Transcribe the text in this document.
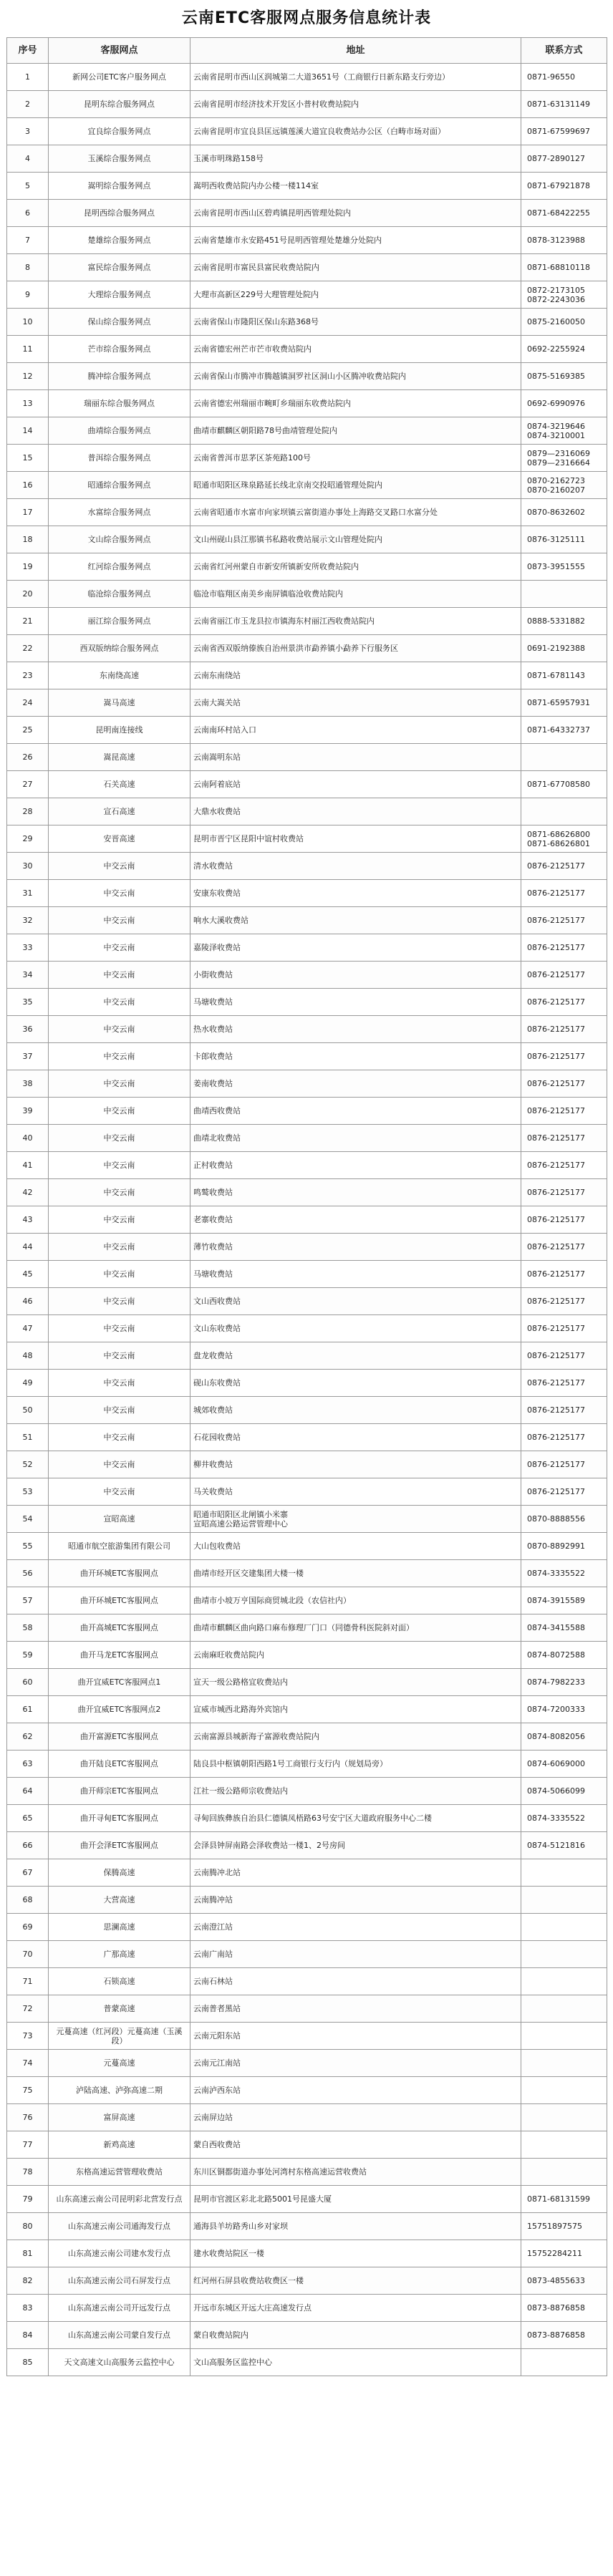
云南ETC客服网点服务信息统计表
序号	客服网点	地址	联系方式
1	新网公司ETC客户服务网点	云南省昆明市西山区润城第二大道3651号（工商银行日新东路支行旁边）	0871-96550
2	昆明东综合服务网点	云南省昆明市经济技术开发区小普村收费站院内	0871-63131149
3	宜良综合服务网点	云南省昆明市宜良县匡远镇莲溪大道宜良收费站办公区（白畴市场对面）	0871-67599697
4	玉溪综合服务网点	玉溪市明珠路158号	0877-2890127
5	嵩明综合服务网点	嵩明西收费站院内办公楼一楼114室	0871-67921878
6	昆明西综合服务网点	云南省昆明市西山区碧鸡镇昆明西管理处院内	0871-68422255
7	楚雄综合服务网点	云南省楚雄市永安路451号昆明西管理处楚雄分处院内	0878-3123988
8	富民综合服务网点	云南省昆明市富民县富民收费站院内	0871-68810118
9	大理综合服务网点	大理市高新区229号大理管理处院内	0872-2173105
0872-2243036
10	保山综合服务网点	云南省保山市隆阳区保山东路368号	0875-2160050
11	芒市综合服务网点	云南省德宏州芒市芒市收费站院内	0692-2255924
12	腾冲综合服务网点	云南省保山市腾冲市腾越镇洞罗社区洞山小区腾冲收费站院内	0875-5169385
13	瑞丽东综合服务网点	云南省德宏州瑞丽市畹町乡瑞丽东收费站院内	0692-6990976
14	曲靖综合服务网点	曲靖市麒麟区朝阳路78号曲靖管理处院内	0874-3219646
0874-3210001
15	普洱综合服务网点	云南省普洱市思茅区茶苑路100号	0879—2316069
0879—2316664
16	昭通综合服务网点	昭通市昭阳区珠泉路延长线北京南交投昭通管理处院内	0870-2162723
0870-2160207
17	水富综合服务网点	云南省昭通市水富市向家坝镇云富街道办事处上海路交叉路口水富分处	0870-8632602
18	文山综合服务网点	文山州砚山县江那镇书私路收费站展示文山管理处院内	0876-3125111
19	红河综合服务网点	云南省红河州蒙自市新安所镇新安所收费站院内	0873-3951555
20	临沧综合服务网点	临沧市临翔区南美乡南屏镇临沧收费站院内	
21	丽江综合服务网点	云南省丽江市玉龙县拉市镇海东村丽江西收费站院内	0888-5331882
22	西双版纳综合服务网点	云南省西双版纳傣族自治州景洪市勐养镇小勐养下行服务区	0691-2192388
23	东南绕高速	云南东南绕站	0871-6781143
24	嵩马高速	云南大嵩关站	0871-65957931
25	昆明南连接线	云南南环村站入口	0871-64332737
26	嵩昆高速	云南嵩明东站	
27	石关高速	云南阿着底站	0871-67708580
28	宣石高速	大鼎水收费站	
29	安晋高速	昆明市晋宁区昆阳中谊村收费站	0871-68626800
0871-68626801
30	中交云南	清水收费站	0876-2125177
31	中交云南	安康东收费站	0876-2125177
32	中交云南	响水大溪收费站	0876-2125177
33	中交云南	嘉陵泽收费站	0876-2125177
34	中交云南	小街收费站	0876-2125177
35	中交云南	马塘收费站	0876-2125177
36	中交云南	热水收费站	0876-2125177
37	中交云南	卡郎收费站	0876-2125177
38	中交云南	姜南收费站	0876-2125177
39	中交云南	曲靖西收费站	0876-2125177
40	中交云南	曲靖北收费站	0876-2125177
41	中交云南	正村收费站	0876-2125177
42	中交云南	鸣鹫收费站	0876-2125177
43	中交云南	老寨收费站	0876-2125177
44	中交云南	薄竹收费站	0876-2125177
45	中交云南	马塘收费站	0876-2125177
46	中交云南	文山西收费站	0876-2125177
47	中交云南	文山东收费站	0876-2125177
48	中交云南	盘龙收费站	0876-2125177
49	中交云南	砚山东收费站	0876-2125177
50	中交云南	城郊收费站	0876-2125177
51	中交云南	石花园收费站	0876-2125177
52	中交云南	柳井收费站	0876-2125177
53	中交云南	马关收费站	0876-2125177
54	宣昭高速	昭通市昭阳区北闸镇小米寨
宣昭高速公路运营管理中心	0870-8888556
55	昭通市航空旅游集团有限公司	大山包收费站	0870-8892991
56	曲开环城ETC客服网点	曲靖市经开区交建集团大楼一楼	0874-3335522
57	曲开环城ETC客服网点	曲靖市小坡万亨国际商贸城北段（农信社内）	0874-3915589
58	曲开高城ETC客服网点	曲靖市麒麟区曲向路口麻布修理厂门口（同德骨科医院斜对面）	0874-3415588
59	曲开马龙ETC客服网点	云南麻旺收费站院内	0874-8072588
60	曲开宜威ETC客服网点1	宣天一级公路格宜收费站内	0874-7982233
61	曲开宜威ETC客服网点2	宣威市城西北路海外宾馆内	0874-7200333
62	曲开富源ETC客服网点	云南富源县城新海子富源收费站院内	0874-8082056
63	曲开陆良ETC客服网点	陆良县中枢镇朝阳西路1号工商银行支行内（规划局旁）	0874-6069000
64	曲开师宗ETC客服网点	江社一级公路师宗收费站内	0874-5066099
65	曲开寻甸ETC客服网点	寻甸回族彝族自治县仁德镇凤梧路63号安宁区大道政府服务中心二楼	0874-3335522
66	曲开会泽ETC客服网点	会泽县钟屏南路会泽收费站一楼1、2号房间	0874-5121816
67	保腾高速	云南腾冲北站	
68	大营高速	云南腾冲站	
69	思澜高速	云南澄江站	
70	广那高速	云南广南站	
71	石锁高速	云南石林站	
72	普蒙高速	云南普者黑站	
73	元蔓高速（红河段）元蔓高速（玉溪段）	云南元阳东站	
74	元蔓高速	云南元江南站	
75	泸陆高速、泸弥高速二期	云南泸西东站	
76	富屏高速	云南屏边站	
77	新鸡高速	蒙自西收费站	
78	东格高速运营管理收费站	东川区铜都街道办事处河湾村东格高速运营收费站	
79	山东高速云南公司昆明彩北营发行点	昆明市官渡区彩北北路5001号昆盛大厦	0871-68131599
80	山东高速云南公司通海发行点	通海县羊坊路秀山乡对家坝	15751897575
81	山东高速云南公司建水发行点	建水收费站院区一楼	15752284211
82	山东高速云南公司石屏发行点	红河州石屏县收费站收费区一楼	0873-4855633
83	山东高速云南公司开远发行点	开远市东城区开远大庄高速发行点	0873-8876858
84	山东高速云南公司蒙自发行点	蒙自收费站院内	0873-8876858
85	天文高速文山高服务云监控中心	文山高服务区监控中心	
